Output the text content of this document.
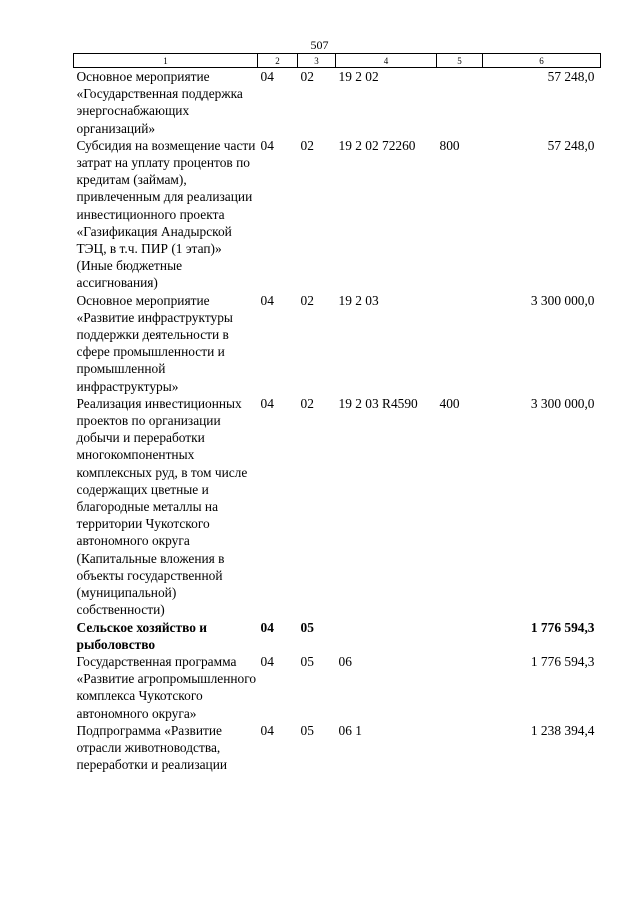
507
1	2	3	4	5	6
Основное мероприятие «Государственная поддержка энергоснабжающих организаций»	04	02	19 2 02		57 248,0
Субсидия на возмещение части затрат на уплату процентов по кредитам (займам), привлеченным для реализации инвестиционного проекта «Газификация Анадырской ТЭЦ, в т.ч. ПИР (1 этап)» (Иные бюджетные ассигнования)	04	02	19 2 02 72260	800	57 248,0
Основное мероприятие «Развитие инфраструктуры поддержки деятельности в сфере промышленности и промышленной инфраструктуры»	04	02	19 2 03		3 300 000,0
Реализация инвестиционных проектов по организации добычи и переработки многокомпонентных комплексных руд, в том числе содержащих цветные и благородные металлы на территории Чукотского автономного округа (Капитальные вложения в объекты государственной (муниципальной) собственности)	04	02	19 2 03 R4590	400	3 300 000,0
Сельское хозяйство и рыболовство	04	05			1 776 594,3
Государственная программа «Развитие агропромышленного комплекса Чукотского автономного округа»	04	05	06		1 776 594,3
Подпрограмма «Развитие отрасли животноводства, переработки и реализации	04	05	06 1		1 238 394,4
